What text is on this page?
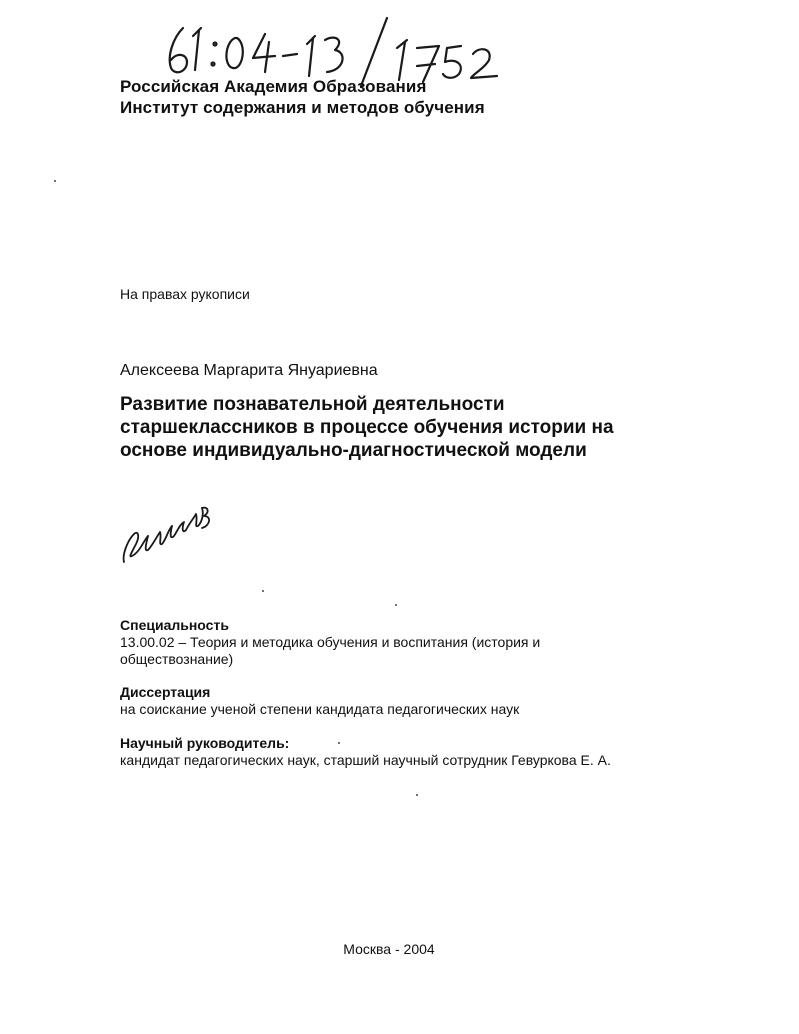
Российская Академия Образования
Институт содержания и методов обучения
На правах рукописи
Алексеева Маргарита Януариевна
Развитие познавательной деятельности
старшеклассников в процессе обучения истории на
основе индивидуально-диагностической модели
Специальность
13.00.02 – Теория и методика обучения и воспитания (история и обществознание)
Диссертация
на соискание ученой степени кандидата педагогических наук
Научный руководитель:
кандидат педагогических наук, старший научный сотрудник Гевуркова Е. А.
Москва - 2004
